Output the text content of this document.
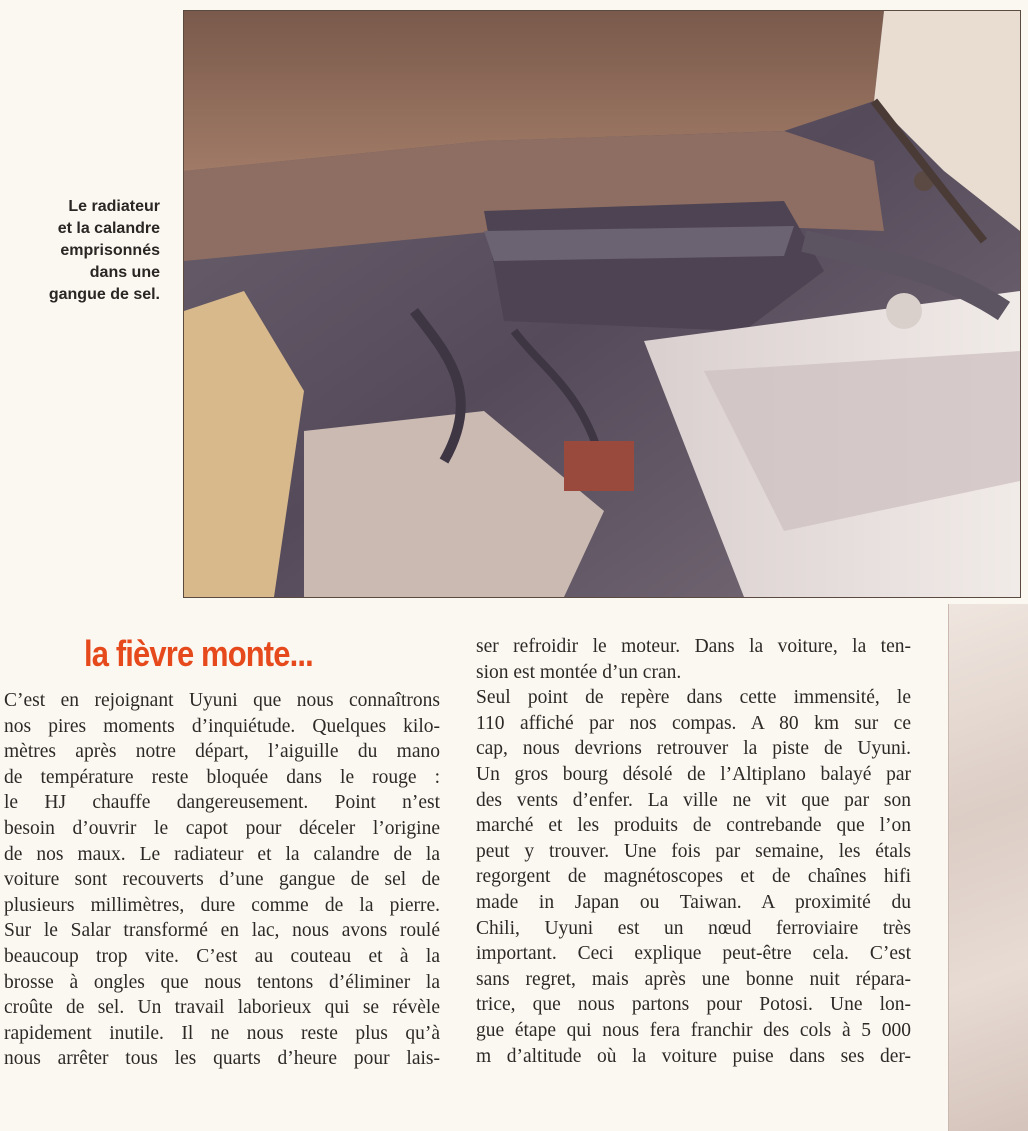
Le radiateur
et la calandre
emprisonnés
dans une
gangue de sel.
la fièvre monte...
C’est en rejoignant Uyuni que nous connaîtrons
nos pires moments d’inquiétude. Quelques kilo-
mètres après notre départ, l’aiguille du mano
de température reste bloquée dans le rouge :
le HJ chauffe dangereusement. Point n’est
besoin d’ouvrir le capot pour déceler l’origine
de nos maux. Le radiateur et la calandre de la
voiture sont recouverts d’une gangue de sel de
plusieurs millimètres, dure comme de la pierre.
Sur le Salar transformé en lac, nous avons roulé
beaucoup trop vite. C’est au couteau et à la
brosse à ongles que nous tentons d’éliminer la
croûte de sel. Un travail laborieux qui se révèle
rapidement inutile. Il ne nous reste plus qu’à
nous arrêter tous les quarts d’heure pour lais-
ser refroidir le moteur. Dans la voiture, la ten-
sion est montée d’un cran.
Seul point de repère dans cette immensité, le
110 affiché par nos compas. A 80 km sur ce
cap, nous devrions retrouver la piste de Uyuni.
Un gros bourg désolé de l’Altiplano balayé par
des vents d’enfer. La ville ne vit que par son
marché et les produits de contrebande que l’on
peut y trouver. Une fois par semaine, les étals
regorgent de magnétoscopes et de chaînes hifi
made in Japan ou Taiwan. A proximité du
Chili, Uyuni est un nœud ferroviaire très
important. Ceci explique peut-être cela. C’est
sans regret, mais après une bonne nuit répara-
trice, que nous partons pour Potosi. Une lon-
gue étape qui nous fera franchir des cols à 5 000
m d’altitude où la voiture puise dans ses der-
